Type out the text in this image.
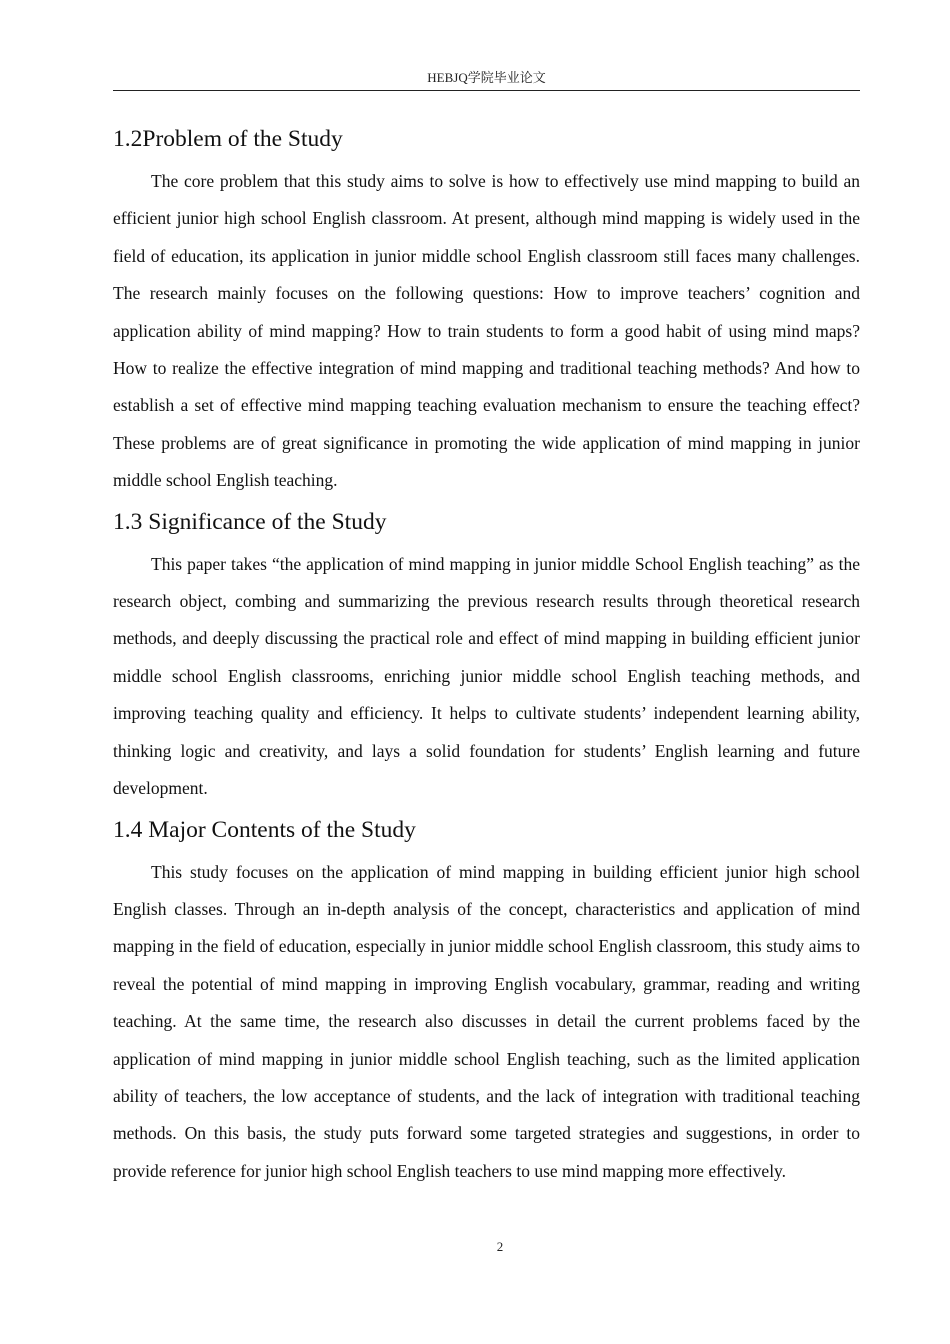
HEBJQ学院毕业论文
1.2Problem of the Study

The core problem that this study aims to solve is how to effectively use mind mapping to build an efficient junior high school English classroom. At present, although mind mapping is widely used in the field of education, its application in junior middle school English classroom still faces many challenges. The research mainly focuses on the following questions: How to improve teachers’ cognition and application ability of mind mapping? How to train students to form a good habit of using mind maps? How to realize the effective integration of mind mapping and traditional teaching methods? And how to establish a set of effective mind mapping teaching evaluation mechanism to ensure the teaching effect? These problems are of great significance in promoting the wide application of mind mapping in junior middle school English teaching.

1.3 Significance of the Study

This paper takes “the application of mind mapping in junior middle School English teaching” as the research object, combing and summarizing the previous research results through theoretical research methods, and deeply discussing the practical role and effect of mind mapping in building efficient junior middle school English classrooms, enriching junior middle school English teaching methods, and improving teaching quality and efficiency. It helps to cultivate students’ independent learning ability, thinking logic and creativity, and lays a solid foundation for students’ English learning and future development.

1.4 Major Contents of the Study

This study focuses on the application of mind mapping in building efficient junior high school English classes. Through an in-depth analysis of the concept, characteristics and application of mind mapping in the field of education, especially in junior middle school English classroom, this study aims to reveal the potential of mind mapping in improving English vocabulary, grammar, reading and writing teaching. At the same time, the research also discusses in detail the current problems faced by the application of mind mapping in junior middle school English teaching, such as the limited application ability of teachers, the low acceptance of students, and the lack of integration with traditional teaching methods. On this basis, the study puts forward some targeted strategies and suggestions, in order to provide reference for junior high school English teachers to use mind mapping more effectively.

2
